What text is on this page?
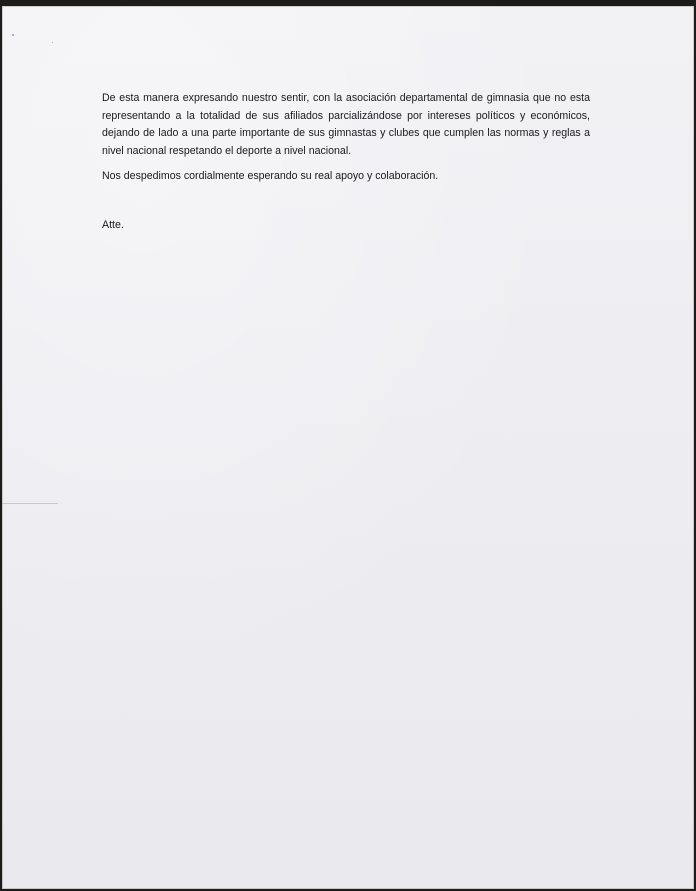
De esta manera expresando nuestro sentir, con la asociación departamental de gimnasia que no esta representando a la totalidad de sus afiliados parcializándose por intereses políticos y económicos, dejando de lado a una parte importante de sus gimnastas y clubes que cumplen las normas y reglas a nivel nacional respetando el deporte a nivel nacional.

Nos despedimos cordialmente esperando su real apoyo y colaboración.

Atte.
